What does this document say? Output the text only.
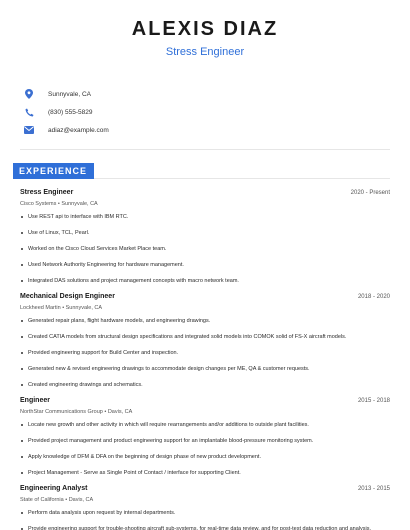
ALEXIS DIAZ
Stress Engineer
Sunnyvale, CA
(830) 555-5829
adiaz@example.com
EXPERIENCE
Stress Engineer	2020 - Present
Cisco Systems • Sunnyvale, CA
Use REST api to interface with IBM RTC.
Use of Linux, TCL, Pearl.
Worked on the Cisco Cloud Services Market Place team.
Used Network Authority Engineering for hardware management.
Integrated DAS solutions and project management concepts with macro network team.
Mechanical Design Engineer	2018 - 2020
Lockheed Martin • Sunnyvale, CA
Generated repair plans, flight hardware models, and engineering drawings.
Created CATIA models from structural design specifications and integrated solid models into COMOK solid of FS-X aircraft models.
Provided engineering support for Build Center and inspection.
Generated new & revised engineering drawings to accommodate design changes per ME, QA & customer requests.
Created engineering drawings and schematics.
Engineer	2015 - 2018
NorthStar Communications Group • Davis, CA
Locate new growth and other activity in which will require rearrangements and/or additions to outside plant facilities.
Provided project management and product engineering support for an implantable blood-pressure monitoring system.
Apply knowledge of DFM & DFA on the beginning of design phase of new product development.
Project Management - Serve as Single Point of Contact / interface for supporting Client.
Engineering Analyst	2013 - 2015
State of California • Davis, CA
Perform data analysis upon request by internal departments.
Provide engineering support for trouble-shooting aircraft sub-systems, for real-time data review, and for post-test data reduction and analysis.
